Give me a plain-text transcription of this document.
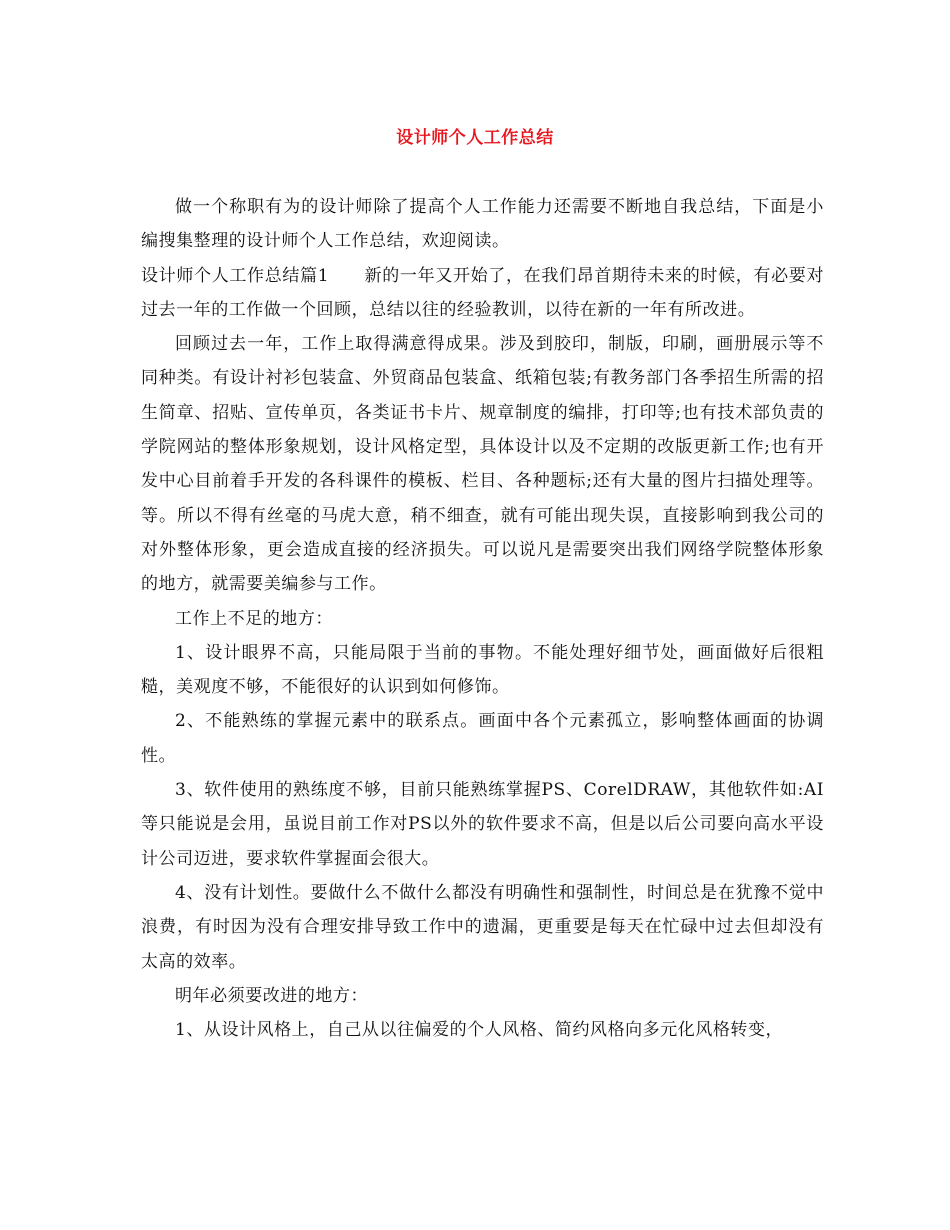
设计师个人工作总结

做一个称职有为的设计师除了提高个人工作能力还需要不断地自我总结，下面是小编搜集整理的设计师个人工作总结，欢迎阅读。

设计师个人工作总结篇1　　新的一年又开始了，在我们昂首期待未来的时候，有必要对过去一年的工作做一个回顾，总结以往的经验教训，以待在新的一年有所改进。

回顾过去一年，工作上取得满意得成果。涉及到胶印，制版，印刷，画册展示等不同种类。有设计衬衫包装盒、外贸商品包装盒、纸箱包装;有教务部门各季招生所需的招生简章、招贴、宣传单页，各类证书卡片、规章制度的编排，打印等;也有技术部负责的学院网站的整体形象规划，设计风格定型，具体设计以及不定期的改版更新工作;也有开发中心目前着手开发的各科课件的模板、栏目、各种题标;还有大量的图片扫描处理等。等。所以不得有丝毫的马虎大意，稍不细查，就有可能出现失误，直接影响到我公司的对外整体形象，更会造成直接的经济损失。可以说凡是需要突出我们网络学院整体形象的地方，就需要美编参与工作。

工作上不足的地方：

1、设计眼界不高，只能局限于当前的事物。不能处理好细节处，画面做好后很粗糙，美观度不够，不能很好的认识到如何修饰。

2、不能熟练的掌握元素中的联系点。画面中各个元素孤立，影响整体画面的协调性。

3、软件使用的熟练度不够，目前只能熟练掌握PS、CorelDRAW，其他软件如:AI 等只能说是会用，虽说目前工作对PS以外的软件要求不高，但是以后公司要向高水平设计公司迈进，要求软件掌握面会很大。

4、没有计划性。要做什么不做什么都没有明确性和强制性，时间总是在犹豫不觉中浪费，有时因为没有合理安排导致工作中的遗漏，更重要是每天在忙碌中过去但却没有太高的效率。

明年必须要改进的地方：

1、从设计风格上，自己从以往偏爱的个人风格、简约风格向多元化风格转变，
